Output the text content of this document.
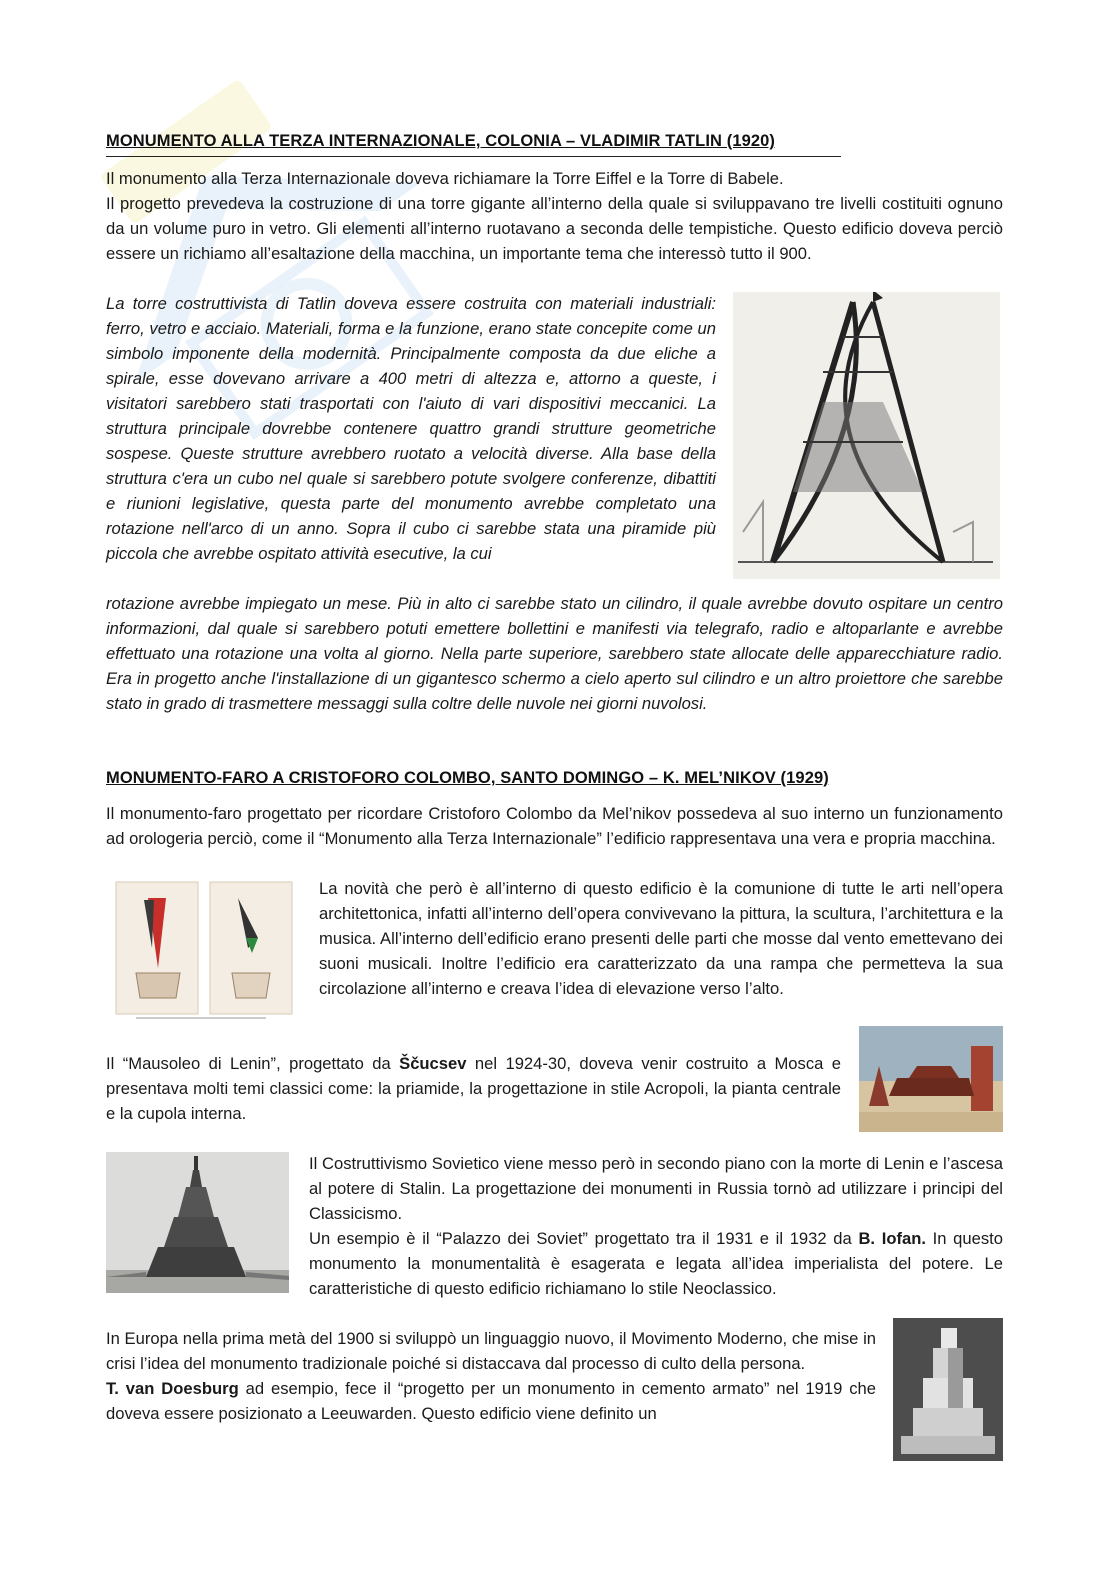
MONUMENTO ALLA TERZA INTERNAZIONALE, COLONIA – VLADIMIR TATLIN (1920)

Il monumento alla Terza Internazionale doveva richiamare la Torre Eiffel e la Torre di Babele.

Il progetto prevedeva la costruzione di una torre gigante all’interno della quale si sviluppavano tre livelli costituiti ognuno da un volume puro in vetro. Gli elementi all’interno ruotavano a seconda delle tempistiche. Questo edificio doveva perciò essere un richiamo all’esaltazione della macchina, un importante tema che interessò tutto il 900.

La torre costruttivista di Tatlin doveva essere costruita con materiali industriali: ferro, vetro e acciaio. Materiali, forma e la funzione, erano state concepite come un simbolo imponente della modernità. Principalmente composta da due eliche a spirale, esse dovevano arrivare a 400 metri di altezza e, attorno a queste, i visitatori sarebbero stati trasportati con l'aiuto di vari dispositivi meccanici. La struttura principale dovrebbe contenere quattro grandi strutture geometriche sospese. Queste strutture avrebbero ruotato a velocità diverse. Alla base della struttura c'era un cubo nel quale si sarebbero potute svolgere conferenze, dibattiti e riunioni legislative, questa parte del monumento avrebbe completato una rotazione nell'arco di un anno. Sopra il cubo ci sarebbe stata una piramide più piccola che avrebbe ospitato attività esecutive, la cui

rotazione avrebbe impiegato un mese. Più in alto ci sarebbe stato un cilindro, il quale avrebbe dovuto ospitare un centro informazioni, dal quale si sarebbero potuti emettere bollettini e manifesti via telegrafo, radio e altoparlante e avrebbe effettuato una rotazione una volta al giorno. Nella parte superiore, sarebbero state allocate delle apparecchiature radio. Era in progetto anche l'installazione di un gigantesco schermo a cielo aperto sul cilindro e un altro proiettore che sarebbe stato in grado di trasmettere messaggi sulla coltre delle nuvole nei giorni nuvolosi.

MONUMENTO-FARO A CRISTOFORO COLOMBO, SANTO DOMINGO – K. MEL’NIKOV (1929)

Il monumento-faro progettato per ricordare Cristoforo Colombo da Mel’nikov possedeva al suo interno un funzionamento ad orologeria perciò, come il “Monumento alla Terza Internazionale” l’edificio rappresentava una vera e propria macchina.

La novità che però è all’interno di questo edificio è la comunione di tutte le arti nell’opera architettonica, infatti all’interno dell’opera convivevano la pittura, la scultura, l’architettura e la musica. All’interno dell’edificio erano presenti delle parti che mosse dal vento emettevano dei suoni musicali. Inoltre l’edificio era caratterizzato da una rampa che permetteva la sua circolazione all’interno e creava l’idea di elevazione verso l’alto.

Il “Mausoleo di Lenin”, progettato da Ščucsev nel 1924-30, doveva venir costruito a Mosca e presentava molti temi classici come: la priamide, la progettazione in stile Acropoli, la pianta centrale e la cupola interna.

Il Costruttivismo Sovietico viene messo però in secondo piano con la morte di Lenin e l’ascesa al potere di Stalin. La progettazione dei monumenti in Russia tornò ad utilizzare i principi del Classicismo.

Un esempio è il “Palazzo dei Soviet” progettato tra il 1931 e il 1932 da B. Iofan. In questo monumento la monumentalità è esagerata e legata all’idea imperialista del potere. Le caratteristiche di questo edificio richiamano lo stile Neoclassico.

In Europa nella prima metà del 1900 si sviluppò un linguaggio nuovo, il Movimento Moderno, che mise in crisi l’idea del monumento tradizionale poiché si distaccava dal processo di culto della persona.

T. van Doesburg ad esempio, fece il “progetto per un monumento in cemento armato” nel 1919 che doveva essere posizionato a Leeuwarden. Questo edificio viene definito un
